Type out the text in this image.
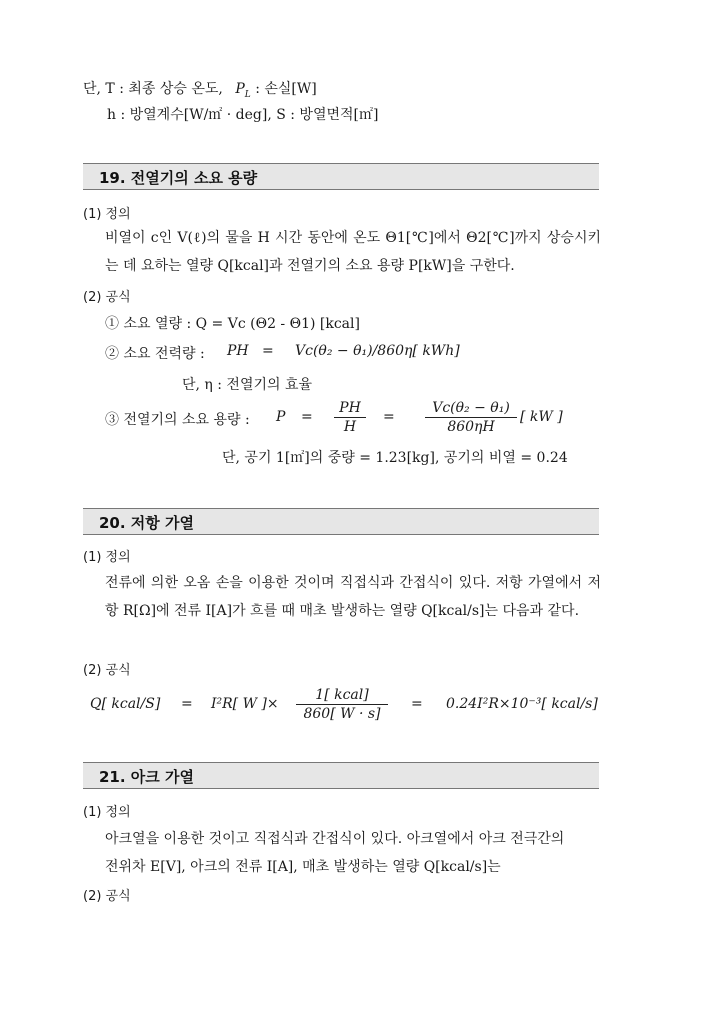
단, T : 최종 상승 온도, $P_L$ : 손실[W]
h : 방열계수[W/㎡ · deg], S : 방열면적[㎡]
19. 전열기의 소요 용량
(1) 정의
비열이 c인 V(ℓ)의 물을 H 시간 동안에 온도 Θ1[℃]에서 Θ2[℃]까지 상승시키는 데 요하는 열량 Q[kcal]과 전열기의 소요 용량 P[kW]을 구한다.
(2) 공식
① 소요 열량 : Q = Vc (Θ2 - Θ1) [kcal]
② 소요 전력량 : PH = Vc(θ₂ − θ₁)/860η[ kWh]
단, η : 전열기의 효율
③ 전열기의 소요 용량 : P =
PH
H
=
Vc(θ₂ − θ₁)
860ηH
[ kW ]
단, 공기 1[㎡]의 중량 = 1.23[kg], 공기의 비열 = 0.24
20. 저항 가열
(1) 정의
전류에 의한 오옴 손을 이용한 것이며 직접식과 간접식이 있다. 저항 가열에서 저항 R[Ω]에 전류 I[A]가 흐를 때 매초 발생하는 열량 Q[kcal/s]는 다음과 같다.
(2) 공식
Q[ kcal/S] = I²R[ W ]×
1[ kcal]
860[ W · s]
= 0.24I²R×10⁻³[ kcal/s]
21. 아크 가열
(1) 정의
아크열을 이용한 것이고 직접식과 간접식이 있다. 아크열에서 아크 전극간의
전위차 E[V], 아크의 전류 I[A], 매초 발생하는 열량 Q[kcal/s]는
(2) 공식
